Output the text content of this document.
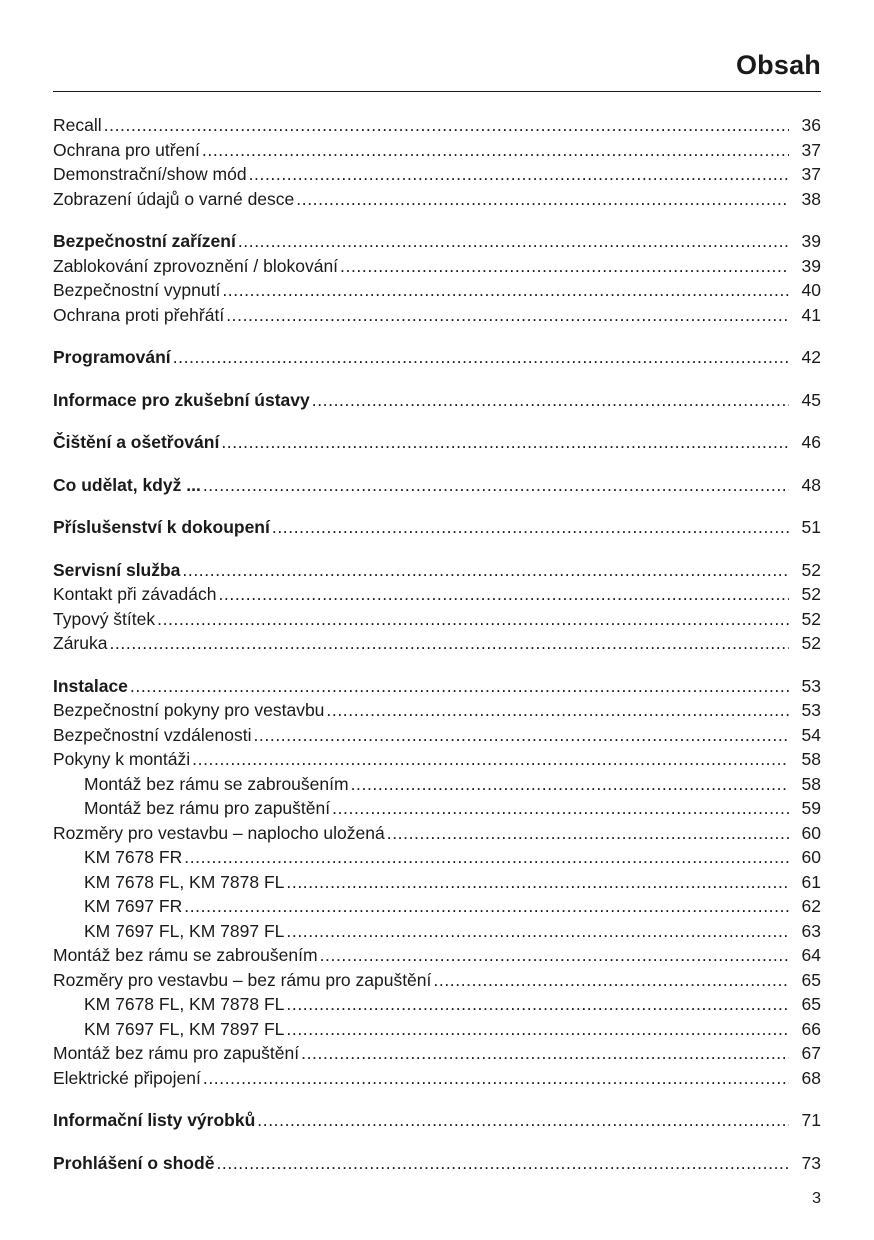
Obsah
Recall .....	36
Ochrana pro utření .....	37
Demonstrační/show mód .....	37
Zobrazení údajů o varné desce .....	38
Bezpečnostní zařízení .....	39
Zablokování zprovoznění / blokování .....	39
Bezpečnostní vypnutí .....	40
Ochrana proti přehřátí .....	41
Programování .....	42
Informace pro zkušební ústavy .....	45
Čištění a ošetřování .....	46
Co udělat, když ... .....	48
Příslušenství k dokoupení .....	51
Servisní služba .....	52
Kontakt při závadách .....	52
Typový štítek .....	52
Záruka .....	52
Instalace .....	53
Bezpečnostní pokyny pro vestavbu .....	53
Bezpečnostní vzdálenosti .....	54
Pokyny k montáži .....	58
Montáž bez rámu se zabroušením .....	58
Montáž bez rámu pro zapuštění .....	59
Rozměry pro vestavbu – naplocho uložená .....	60
KM 7678 FR .....	60
KM 7678 FL, KM 7878 FL .....	61
KM 7697 FR .....	62
KM 7697 FL, KM 7897 FL .....	63
Montáž bez rámu se zabroušením .....	64
Rozměry pro vestavbu – bez rámu pro zapuštění .....	65
KM 7678 FL, KM 7878 FL .....	65
KM 7697 FL, KM 7897 FL .....	66
Montáž bez rámu pro zapuštění .....	67
Elektrické připojení .....	68
Informační listy výrobků .....	71
Prohlášení o shodě .....	73
3
